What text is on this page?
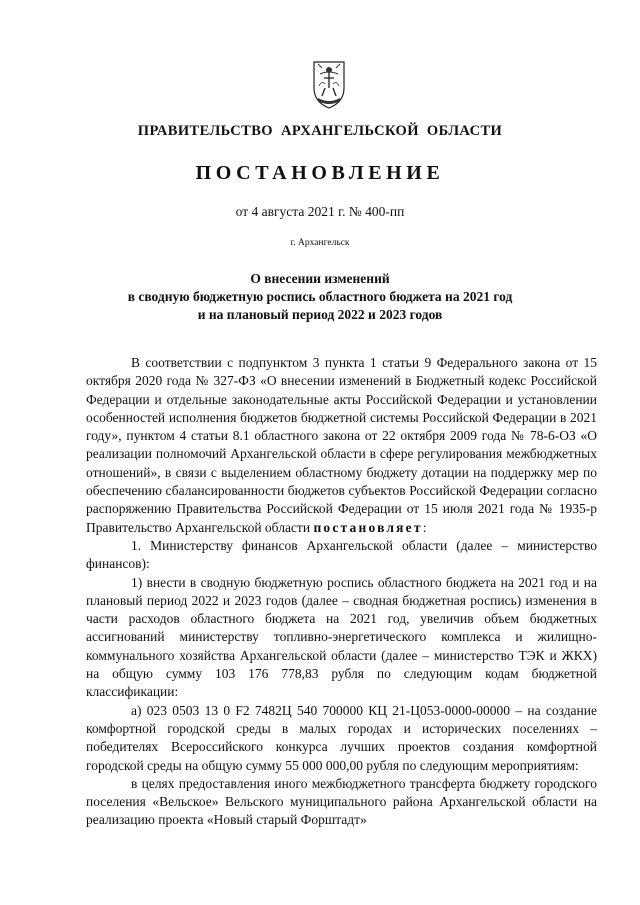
ПРАВИТЕЛЬСТВО АРХАНГЕЛЬСКОЙ ОБЛАСТИ
ПОСТАНОВЛЕНИЕ
от 4 августа 2021 г. № 400-пп
г. Архангельск
О внесении изменений
в сводную бюджетную роспись областного бюджета на 2021 год
и на плановый период 2022 и 2023 годов

В соответствии с подпунктом 3 пункта 1 статьи 9 Федерального закона от 15 октября 2020 года № 327-ФЗ «О внесении изменений в Бюджетный кодекс Российской Федерации и отдельные законодательные акты Российской Федерации и установлении особенностей исполнения бюджетов бюджетной системы Российской Федерации в 2021 году», пунктом 4 статьи 8.1 областного закона от 22 октября 2009 года № 78-6-ОЗ «О реализации полномочий Архангельской области в сфере регулирования межбюджетных отношений», в связи с выделением областному бюджету дотации на поддержку мер по обеспечению сбалансированности бюджетов субъектов Российской Федерации согласно распоряжению Правительства Российской Федерации от 15 июля 2021 года № 1935-р Правительство Архангельской области постановляет:

1. Министерству финансов Архангельской области (далее – министерство финансов):

1) внести в сводную бюджетную роспись областного бюджета на 2021 год и на плановый период 2022 и 2023 годов (далее – сводная бюджетная роспись) изменения в части расходов областного бюджета на 2021 год, увеличив объем бюджетных ассигнований министерству топливно-энергетического комплекса и жилищно-коммунального хозяйства Архангельской области (далее – министерство ТЭК и ЖКХ) на общую сумму 103 176 778,83 рубля по следующим кодам бюджетной классификации:

а) 023 0503 13 0 F2 7482Ц 540 700000 КЦ 21-Ц053-0000-00000 – на создание комфортной городской среды в малых городах и исторических поселениях – победителях Всероссийского конкурса лучших проектов создания комфортной городской среды на общую сумму 55 000 000,00 рубля по следующим мероприятиям:

в целях предоставления иного межбюджетного трансферта бюджету городского поселения «Вельское» Вельского муниципального района Архангельской области на реализацию проекта «Новый старый Форштадт»
